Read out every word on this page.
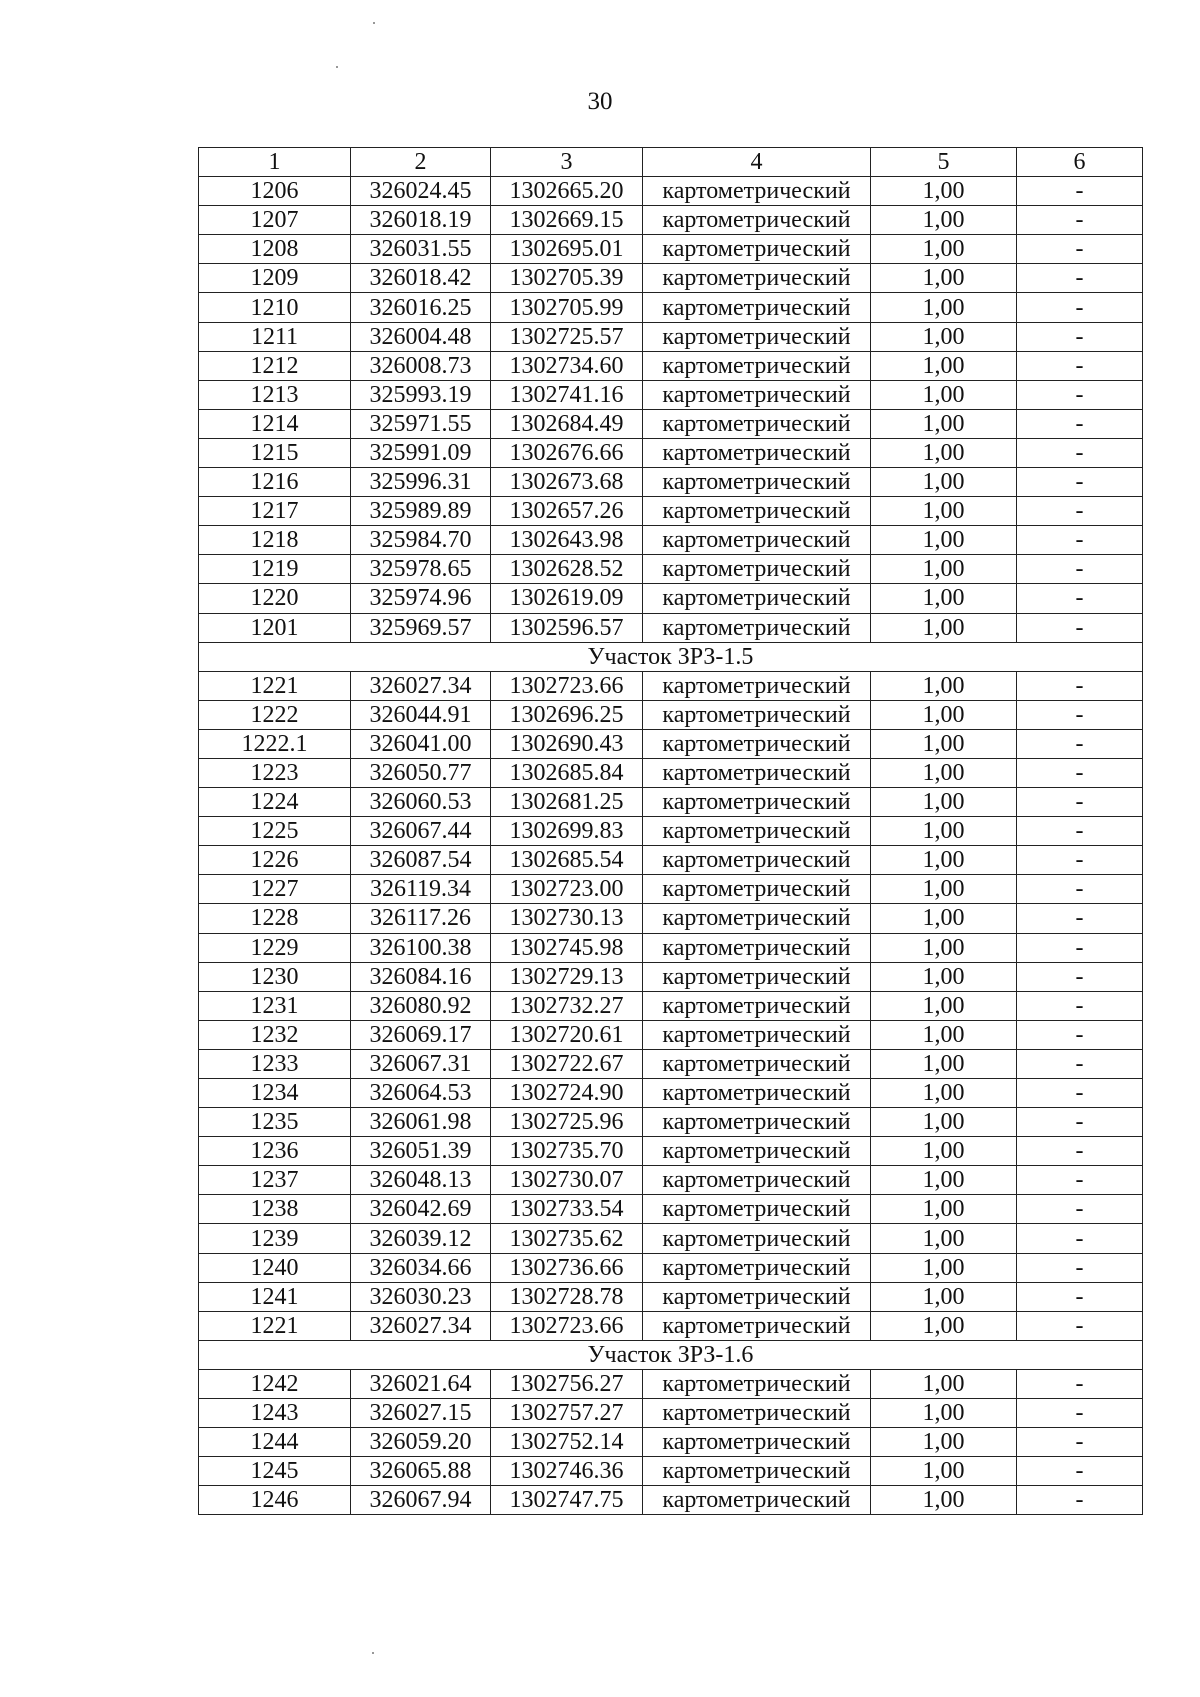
30
1	2	3	4	5	6
1206	326024.45	1302665.20	картометрический	1,00	-
1207	326018.19	1302669.15	картометрический	1,00	-
1208	326031.55	1302695.01	картометрический	1,00	-
1209	326018.42	1302705.39	картометрический	1,00	-
1210	326016.25	1302705.99	картометрический	1,00	-
1211	326004.48	1302725.57	картометрический	1,00	-
1212	326008.73	1302734.60	картометрический	1,00	-
1213	325993.19	1302741.16	картометрический	1,00	-
1214	325971.55	1302684.49	картометрический	1,00	-
1215	325991.09	1302676.66	картометрический	1,00	-
1216	325996.31	1302673.68	картометрический	1,00	-
1217	325989.89	1302657.26	картометрический	1,00	-
1218	325984.70	1302643.98	картометрический	1,00	-
1219	325978.65	1302628.52	картометрический	1,00	-
1220	325974.96	1302619.09	картометрический	1,00	-
1201	325969.57	1302596.57	картометрический	1,00	-
Участок ЗРЗ-1.5					
1221	326027.34	1302723.66	картометрический	1,00	-
1222	326044.91	1302696.25	картометрический	1,00	-
1222.1	326041.00	1302690.43	картометрический	1,00	-
1223	326050.77	1302685.84	картометрический	1,00	-
1224	326060.53	1302681.25	картометрический	1,00	-
1225	326067.44	1302699.83	картометрический	1,00	-
1226	326087.54	1302685.54	картометрический	1,00	-
1227	326119.34	1302723.00	картометрический	1,00	-
1228	326117.26	1302730.13	картометрический	1,00	-
1229	326100.38	1302745.98	картометрический	1,00	-
1230	326084.16	1302729.13	картометрический	1,00	-
1231	326080.92	1302732.27	картометрический	1,00	-
1232	326069.17	1302720.61	картометрический	1,00	-
1233	326067.31	1302722.67	картометрический	1,00	-
1234	326064.53	1302724.90	картометрический	1,00	-
1235	326061.98	1302725.96	картометрический	1,00	-
1236	326051.39	1302735.70	картометрический	1,00	-
1237	326048.13	1302730.07	картометрический	1,00	-
1238	326042.69	1302733.54	картометрический	1,00	-
1239	326039.12	1302735.62	картометрический	1,00	-
1240	326034.66	1302736.66	картометрический	1,00	-
1241	326030.23	1302728.78	картометрический	1,00	-
1221	326027.34	1302723.66	картометрический	1,00	-
Участок ЗРЗ-1.6					
1242	326021.64	1302756.27	картометрический	1,00	-
1243	326027.15	1302757.27	картометрический	1,00	-
1244	326059.20	1302752.14	картометрический	1,00	-
1245	326065.88	1302746.36	картометрический	1,00	-
1246	326067.94	1302747.75	картометрический	1,00	-
